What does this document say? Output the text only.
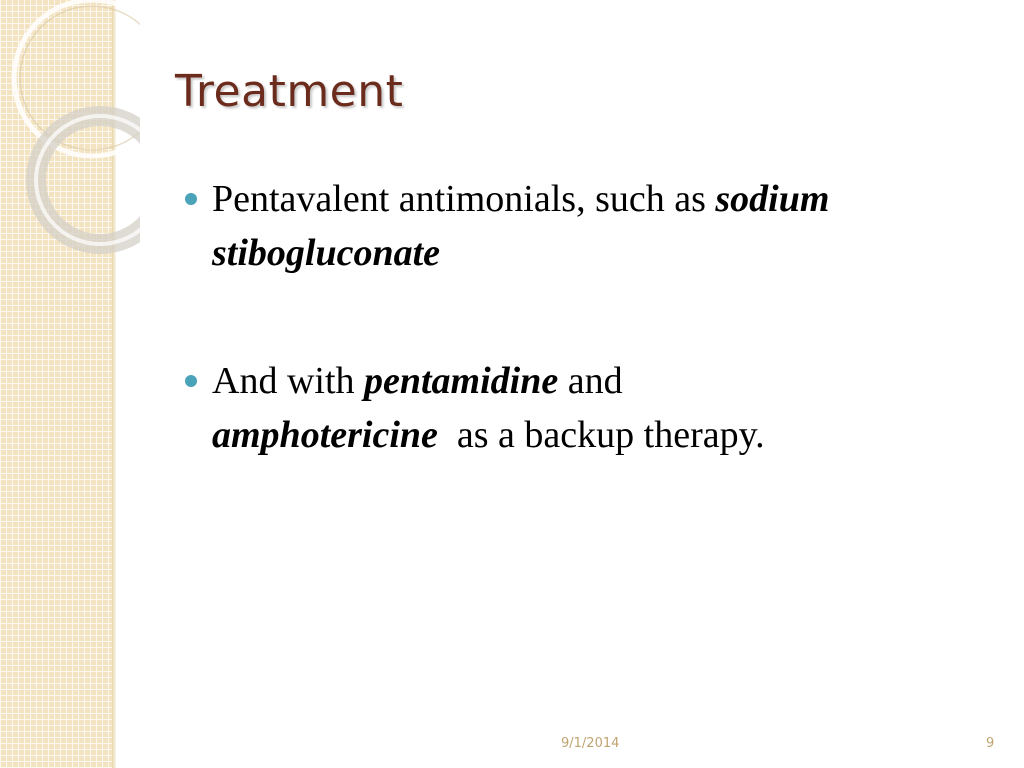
Treatment
Pentavalent antimonials, such as sodium stibogluconate
And with pentamidine and
amphotericine  as a backup therapy.
9/1/2014	9
